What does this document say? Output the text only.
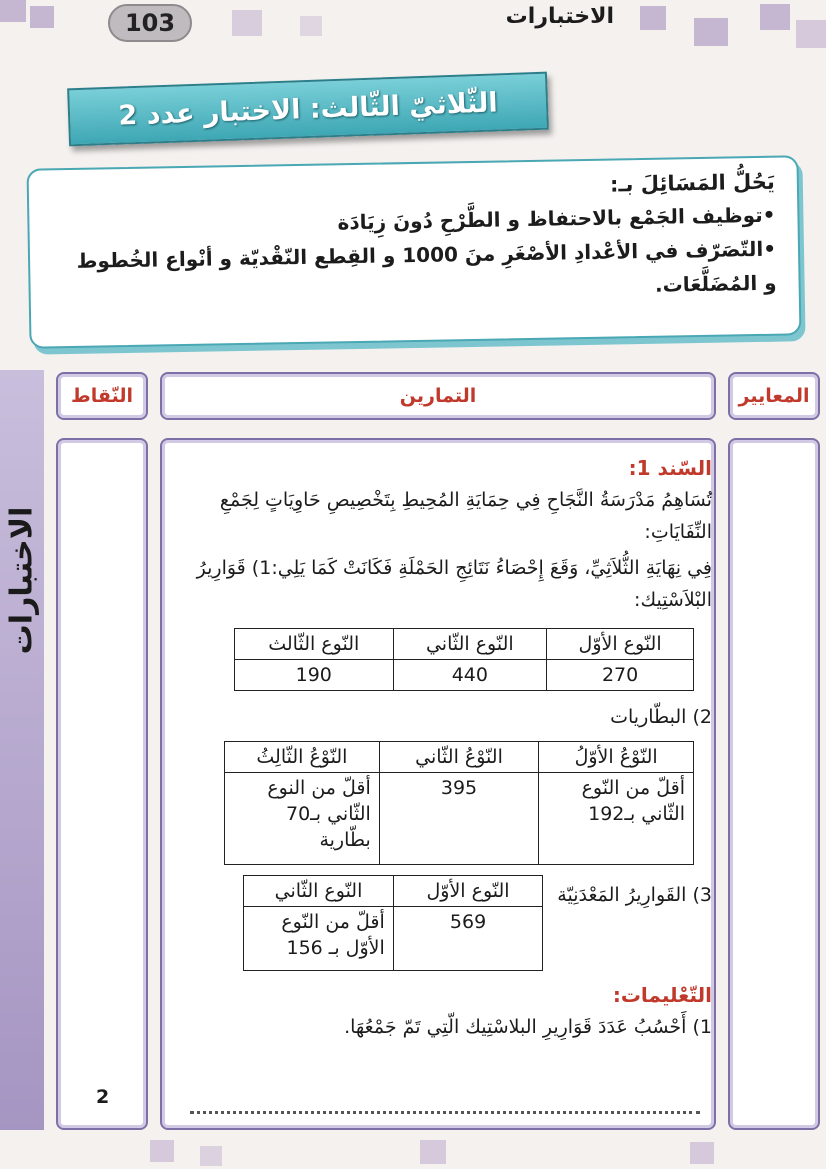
103	الاختبارات
الثّلاثيّ الثّالث: الاختبار عدد 2
يَحُلُّ المَسَائِلَ بـ:
•توظيف الجَمْع بالاحتفاظ و الطَّرْحِ دُونَ زِيَادَة
•التّصَرّف في الأعْدادِ الأصْغَرِ منَ 1000 و القِطع النّقْديّة و أنْواع الخُطوط
و المُضَلَّعَات.
الاختبارات
المعايير
التمارين
النّقاط
السّند 1:
تُسَاهِمُ مَدْرَسَةُ النَّجَاحِ فِي حِمَايَةِ المُحِيطِ بِتَخْصِيصِ حَاوِيَاتٍ لِجَمْعِ النِّفَايَاتِ:
فِي نِهَايَةِ الثُّلاَثِيِّ، وَقَعَ إِحْصَاءُ نَتَائِجِ الحَمْلَةِ فَكَانَتْ كَمَا يَلِي:1) قَوَارِيرُ البْلاَسْتِيك:
النّوع الأوّل	النّوع الثّاني	النّوع الثّالث
270	440	190
2) البطّاريات
النّوْعُ الأوّلُ	النّوْعُ الثّاني	النّوْعُ الثّالِثُ
أقلّ من النّوع الثّاني بـ192	395	أقلّ من النوع الثّاني بـ70 بطّارية
3) القَوارِيرُ المَعْدَنِيّة
النّوع الأوّل	النّوع الثّاني
569	أقلّ من النّوع الأوّل بـ 156
التّعْليمات:
1) أَحْسُبُ عَدَدَ قَوَارِيرِ البلاسْتِيك الّتِي تَمّ جَمْعُهَا.
2
